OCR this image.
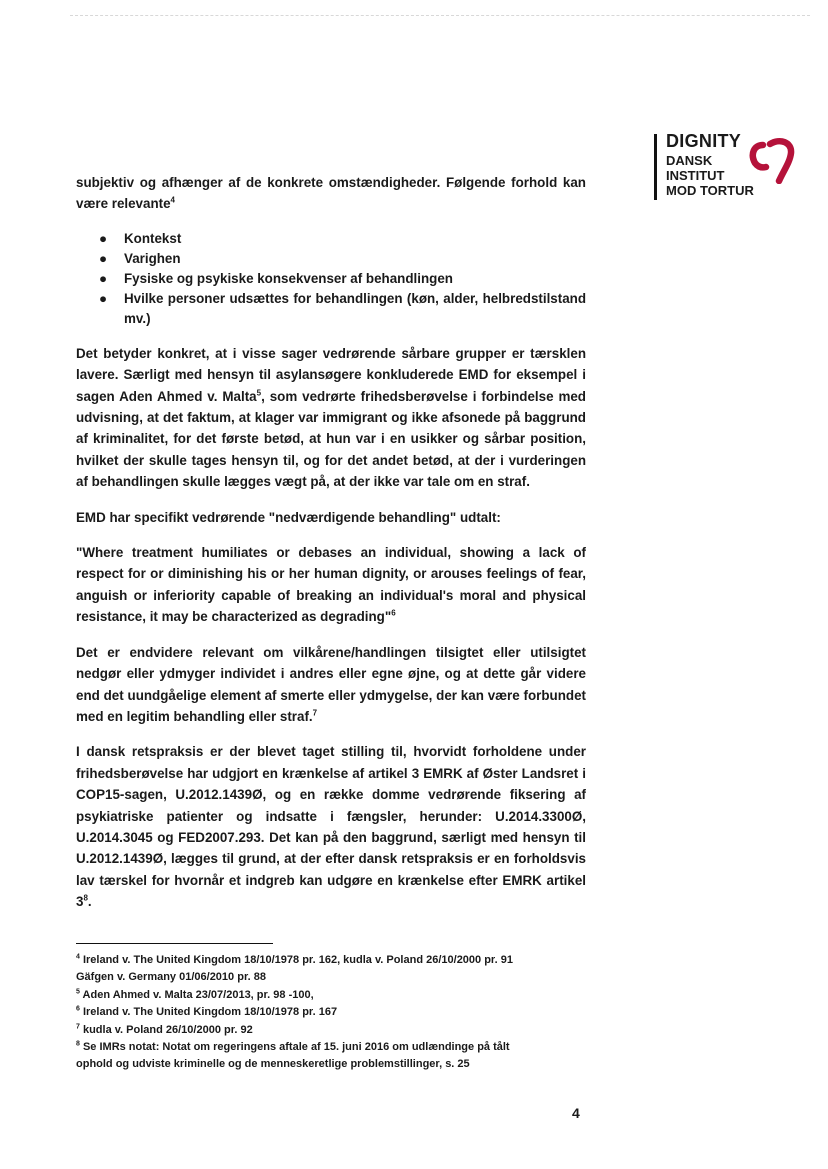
DIGNITY
DANSK
INSTITUT
MOD TORTUR

subjektiv og afhænger af de konkrete omstændigheder. Følgende forhold kan være relevante$^4$

● Kontekst
● Varighen
● Fysiske og psykiske konsekvenser af behandlingen
● Hvilke personer udsættes for behandlingen (køn, alder, helbredstilstand mv.)

Det betyder konkret, at i visse sager vedrørende sårbare grupper er tærsklen lavere. Særligt med hensyn til asylansøgere konkluderede EMD for eksempel i sagen Aden Ahmed v. Malta$^5$, som vedrørte frihedsberøvelse i forbindelse med udvisning, at det faktum, at klager var immigrant og ikke afsonede på baggrund af kriminalitet, for det første betød, at hun var i en usikker og sårbar position, hvilket der skulle tages hensyn til, og for det andet betød, at der i vurderingen af behandlingen skulle lægges vægt på, at der ikke var tale om en straf.

EMD har specifikt vedrørende "nedværdigende behandling" udtalt:

"Where treatment humiliates or debases an individual, showing a lack of respect for or diminishing his or her human dignity, or arouses feelings of fear, anguish or inferiority capable of breaking an individual's moral and physical resistance, it may be characterized as degrading"$^6$

Det er endvidere relevant om vilkårene/handlingen tilsigtet eller utilsigtet nedgør eller ydmyger individet i andres eller egne øjne, og at dette går videre end det uundgåelige element af smerte eller ydmygelse, der kan være forbundet med en legitim behandling eller straf.$^7$

I dansk retspraksis er der blevet taget stilling til, hvorvidt forholdene under frihedsberøvelse har udgjort en krænkelse af artikel 3 EMRK af Øster Landsret i COP15-sagen, U.2012.1439Ø, og en række domme vedrørende fiksering af psykiatriske patienter og indsatte i fængsler, herunder: U.2014.3300Ø, U.2014.3045 og FED2007.293. Det kan på den baggrund, særligt med hensyn til U.2012.1439Ø, lægges til grund, at der efter dansk retspraksis er en forholdsvis lav tærskel for hvornår et indgreb kan udgøre en krænkelse efter EMRK artikel $3^8$.

$^4$ Ireland v. The United Kingdom 18/10/1978 pr. 162, kudla v. Poland 26/10/2000 pr. 91
Gäfgen v. Germany 01/06/2010 pr. 88
$^5$ Aden Ahmed v. Malta 23/07/2013, pr. 98 -100,
$^6$ Ireland v. The United Kingdom 18/10/1978 pr. 167
$^7$ kudla v. Poland 26/10/2000 pr. 92
$^8$ Se IMRs notat: Notat om regeringens aftale af 15. juni 2016 om udlændinge på tålt
ophold og udviste kriminelle og de menneskeretlige problemstillinger, s. 25
4
